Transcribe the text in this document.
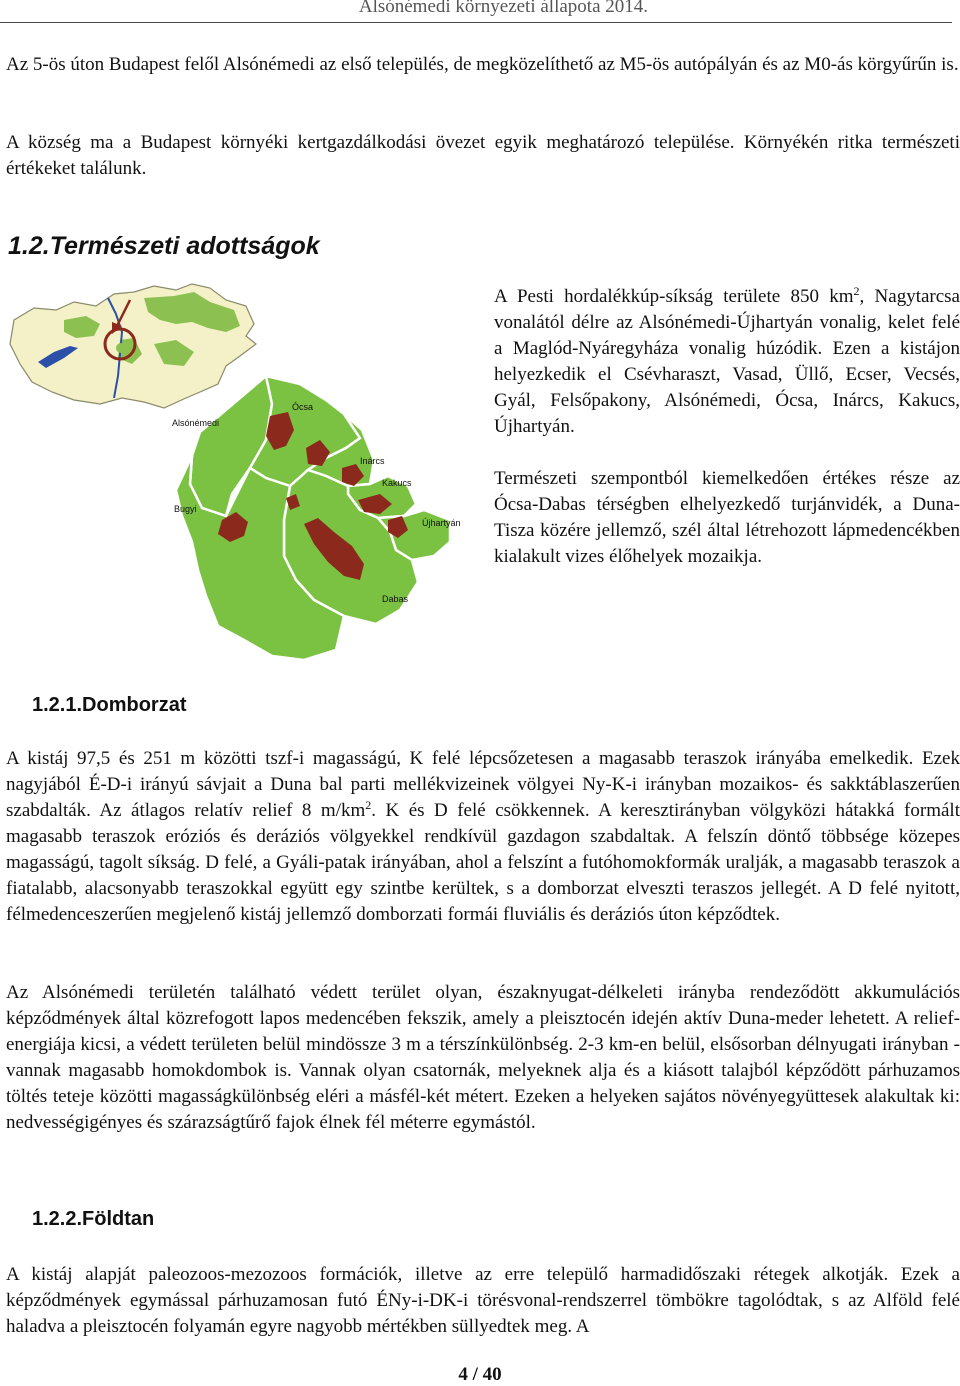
Alsónémedi környezeti állapota 2014.

Az 5-ös úton Budapest felől Alsónémedi az első település, de megközelíthető az M5-ös autópályán és az M0-ás körgyűrűn is.

A község ma a Budapest környéki kertgazdálkodási övezet egyik meghatározó települése. Környékén ritka természeti értékeket találunk.

1.2.Természeti adottságok
Ócsa
Alsónémedi
Inárcs
Kakucs
Bugyi
Újhartyán
Dabas

A Pesti hordalékkúp-síkság területe 850 $km^2$, Nagytarcsa vonalától délre az Alsónémedi-Újhartyán vonalig, kelet felé a Maglód-Nyáregyháza vonalig húzódik. Ezen a kistájon helyezkedik el Csévharaszt, Vasad, Üllő, Ecser, Vecsés, Gyál, Felsőpakony, Alsónémedi, Ócsa, Inárcs, Kakucs, Újhartyán.

Természeti szempontból kiemelkedően értékes része az Ócsa-Dabas térségben elhelyezkedő turjánvidék, a Duna-Tisza közére jellemző, szél által létrehozott lápmedencékben kialakult vizes élőhelyek mozaikja.

1.2.1.Domborzat

A kistáj 97,5 és 251 m közötti tszf-i magasságú, K felé lépcsőzetesen a magasabb teraszok irányába emelkedik. Ezek nagyjából É-D-i irányú sávjait a Duna bal parti mellékvizeinek völgyei Ny-K-i irányban mozaikos- és sakktáblaszerűen szabdalták. Az átlagos relatív relief 8 $m/km^2$. K és D felé csökkennek. A keresztirányban völgyközi hátakká formált magasabb teraszok eróziós és deráziós völgyekkel rendkívül gazdagon szabdaltak. A felszín döntő többsége közepes magasságú, tagolt síkság. D felé, a Gyáli-patak irányában, ahol a felszínt a futóhomokformák uralják, a magasabb teraszok a fiatalabb, alacsonyabb teraszokkal együtt egy szintbe kerültek, s a domborzat elveszti teraszos jellegét. A D felé nyitott, félmedenceszerűen megjelenő kistáj jellemző domborzati formái fluviális és deráziós úton képződtek.

Az Alsónémedi területén található védett terület olyan, északnyugat-délkeleti irányba rendeződött akkumulációs képződmények által közrefogott lapos medencében fekszik, amely a pleisztocén idején aktív Duna-meder lehetett. A relief-energiája kicsi, a védett területen belül mindössze 3 m a térszínkülönbség. 2-3 km-en belül, elsősorban délnyugati irányban - vannak magasabb homokdombok is. Vannak olyan csatornák, melyeknek alja és a kiásott talajból képződött párhuzamos töltés teteje közötti magasságkülönbség eléri a másfél-két métert. Ezeken a helyeken sajátos növényegyüttesek alakultak ki: nedvességigényes és szárazságtűrő fajok élnek fél méterre egymástól.

1.2.2.Földtan

A kistáj alapját paleozoos-mezozoos formációk, illetve az erre települő harmadidőszaki rétegek alkotják. Ezek a képződmények egymással párhuzamosan futó ÉNy-i-DK-i törésvonal-rendszerrel tömbökre tagolódtak, s az Alföld felé haladva a pleisztocén folyamán egyre nagyobb mértékben süllyedtek meg. A

4 / 40
